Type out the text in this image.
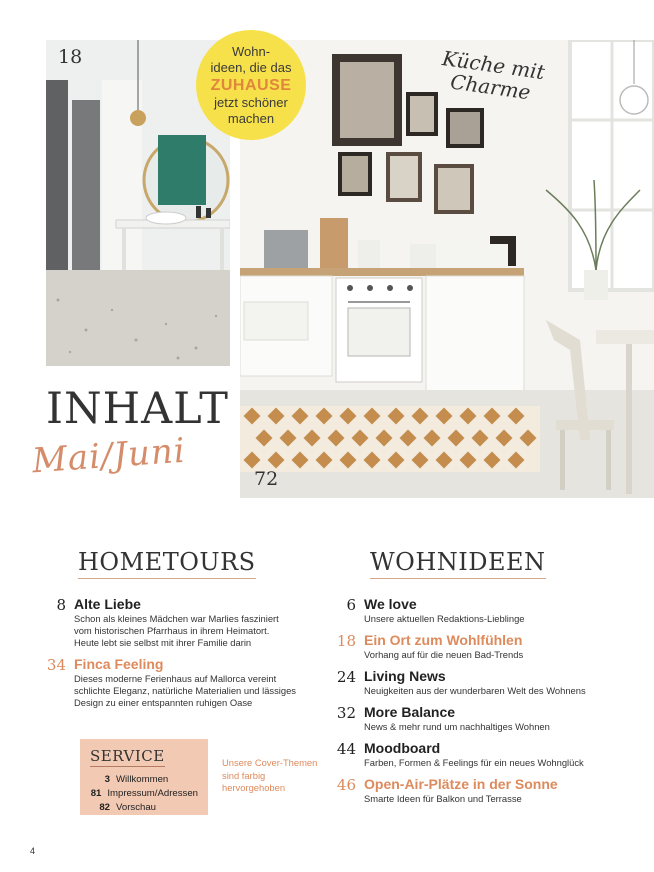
18	Küche mit Charme
72
Wohn-
ideen, die das
ZUHAUSE
jetzt schöner
machen
INHALT
Mai/Juni
HOMETOURS
8 Alte Liebe
Schon als kleines Mädchen war Marlies fasziniert
vom historischen Pfarrhaus in ihrem Heimatort.
Heute lebt sie selbst mit ihrer Familie darin
34 Finca Feeling
Dieses moderne Ferienhaus auf Mallorca vereint
schlichte Eleganz, natürliche Materialien und lässiges
Design zu einer entspannten ruhigen Oase
WOHNIDEEN
6 We love
Unsere aktuellen Redaktions-Lieblinge
18 Ein Ort zum Wohlfühlen
Vorhang auf für die neuen Bad-Trends
24 Living News
Neuigkeiten aus der wunderbaren Welt des Wohnens
32 More Balance
News & mehr rund um nachhaltiges Wohnen
44 Moodboard
Farben, Formen & Feelings für ein neues Wohnglück
46 Open-Air-Plätze in der Sonne
Smarte Ideen für Balkon und Terrasse
SERVICE
3 Willkommen
81 Impressum/Adressen
82 Vorschau
Unsere Cover-Themen sind farbig hervorgehoben
4
